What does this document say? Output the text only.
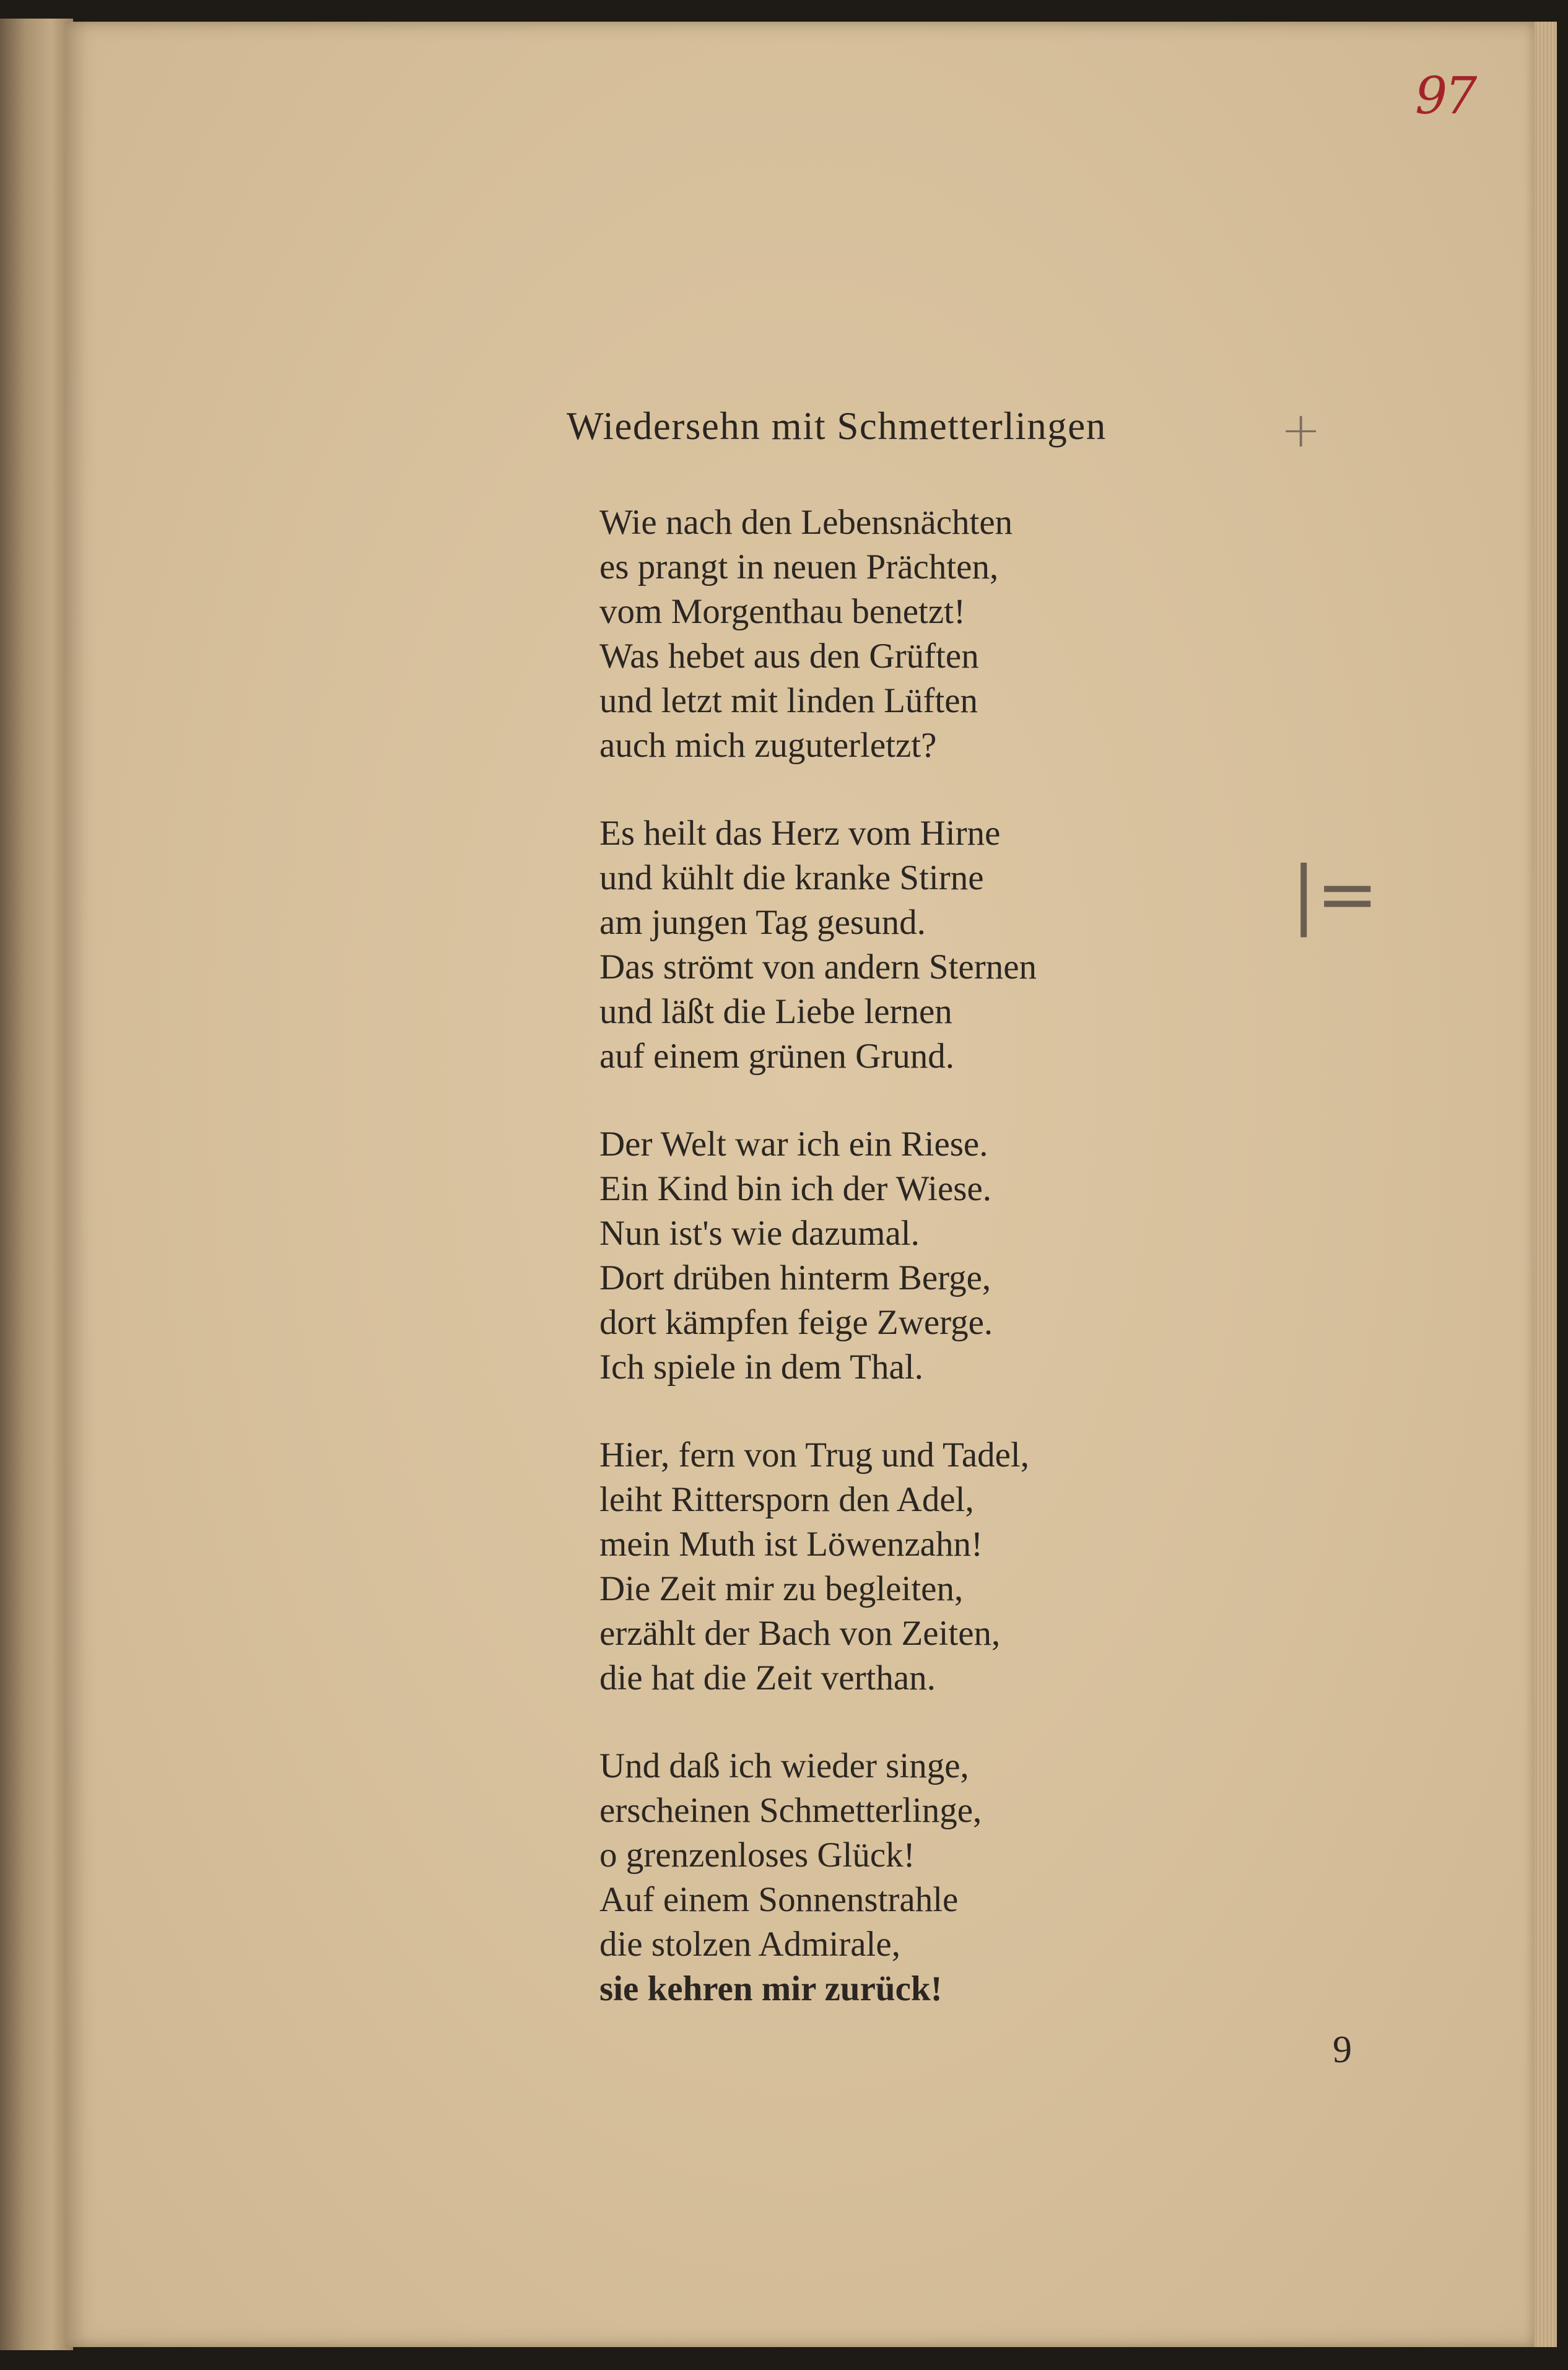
97
+
|=
Wiedersehn mit Schmetterlingen
Wie nach den Lebensnächten
es prangt in neuen Prächten,
vom Morgenthau benetzt!
Was hebet aus den Grüften
und letzt mit linden Lüften
auch mich zuguterletzt?
Es heilt das Herz vom Hirne
und kühlt die kranke Stirne
am jungen Tag gesund.
Das strömt von andern Sternen
und läßt die Liebe lernen
auf einem grünen Grund.
Der Welt war ich ein Riese.
Ein Kind bin ich der Wiese.
Nun ist's wie dazumal.
Dort drüben hinterm Berge,
dort kämpfen feige Zwerge.
Ich spiele in dem Thal.
Hier, fern von Trug und Tadel,
leiht Rittersporn den Adel,
mein Muth ist Löwenzahn!
Die Zeit mir zu begleiten,
erzählt der Bach von Zeiten,
die hat die Zeit verthan.
Und daß ich wieder singe,
erscheinen Schmetterlinge,
o grenzenloses Glück!
Auf einem Sonnenstrahle
die stolzen Admirale,
sie kehren mir zurück!
9
